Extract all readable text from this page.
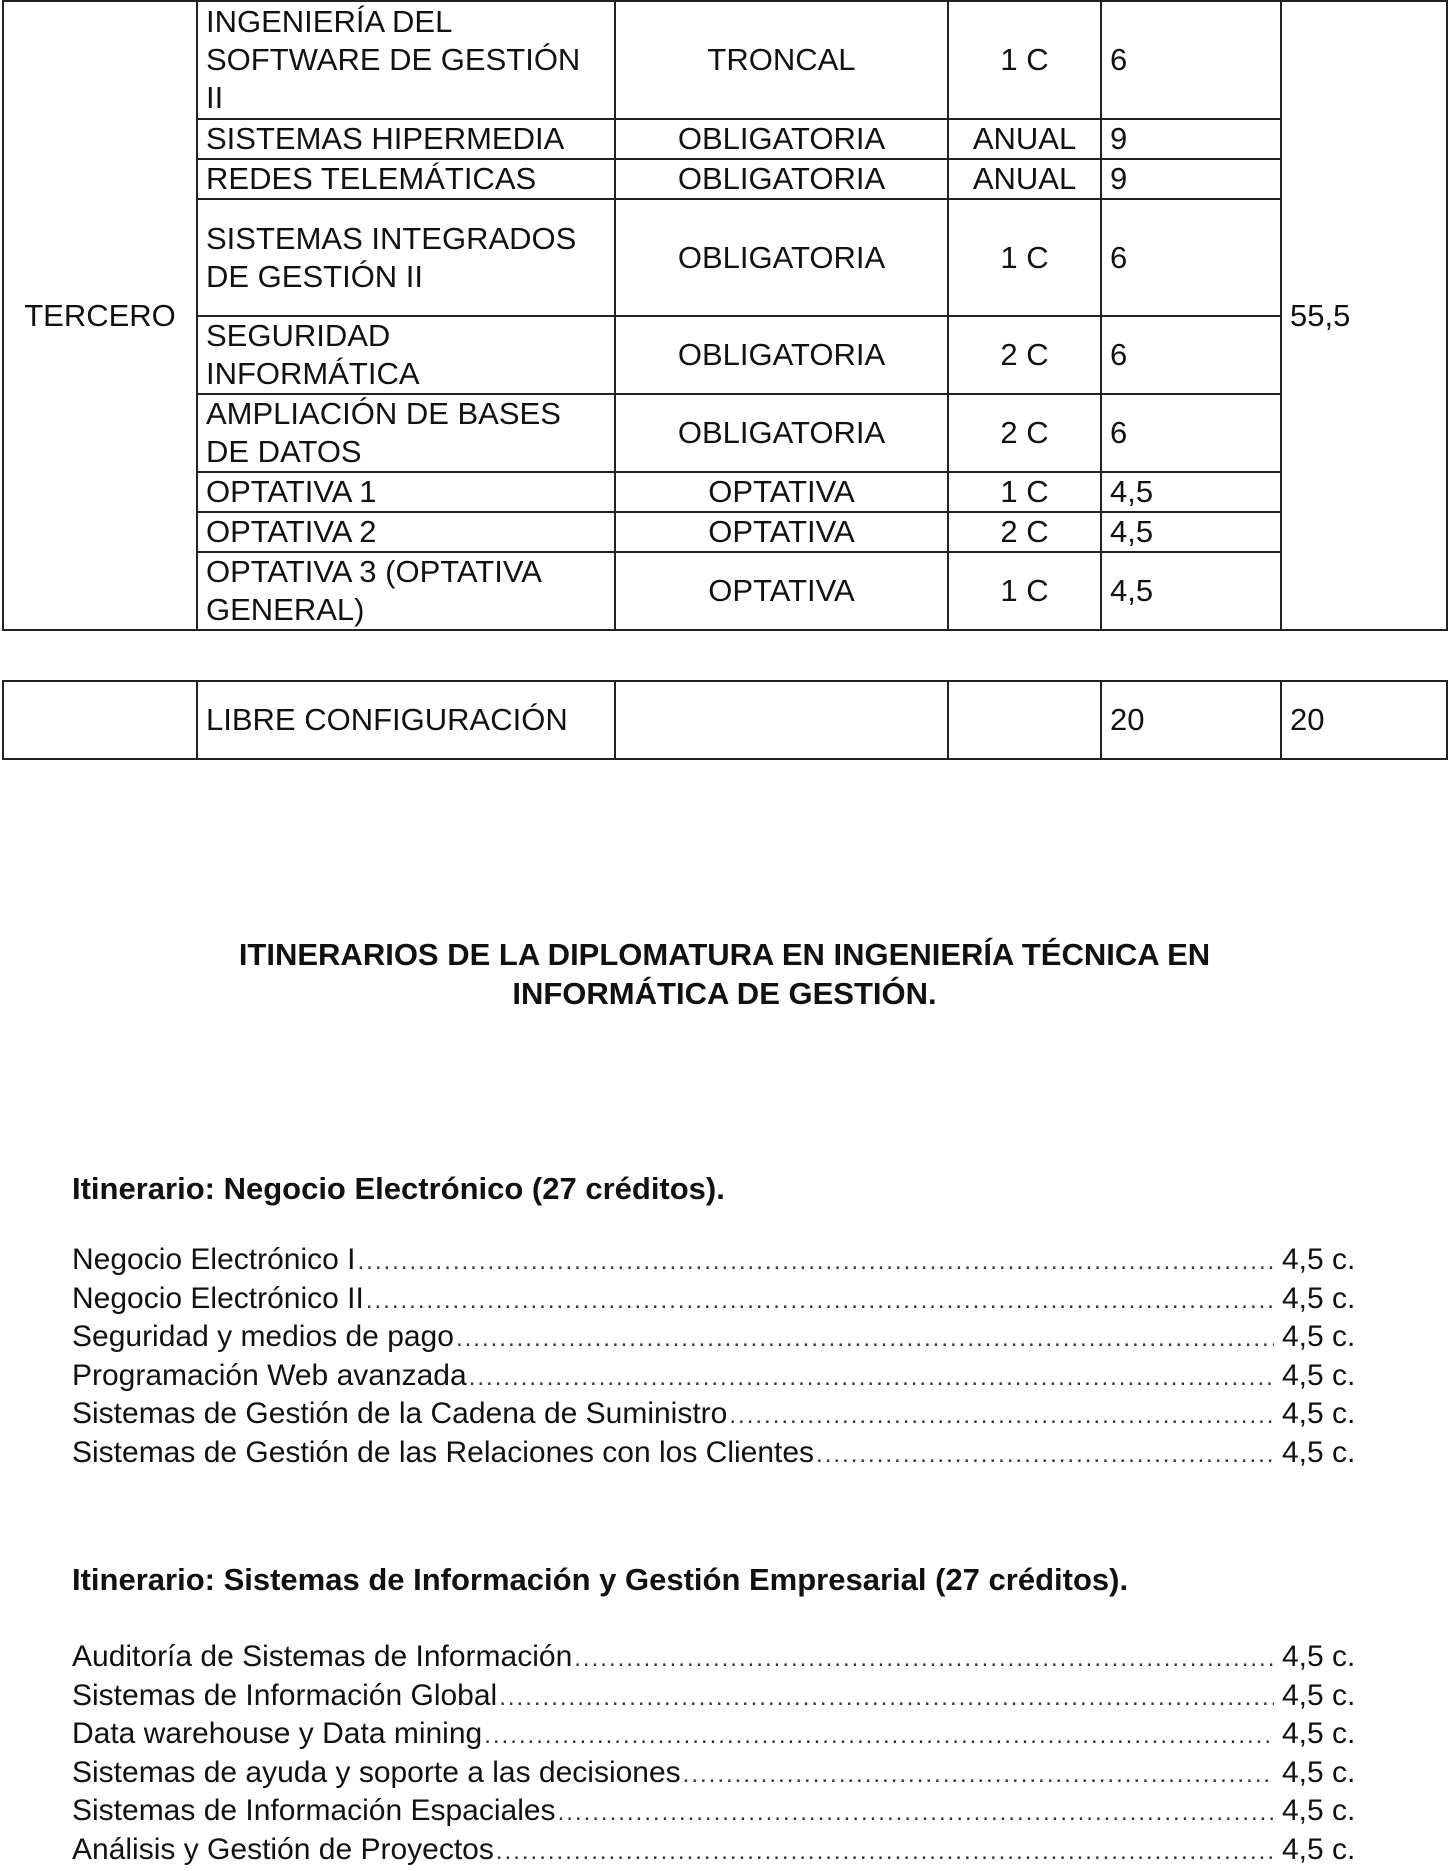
TERCERO	INGENIERÍA DEL SOFTWARE DE GESTIÓN II	TRONCAL	1 C	6	55,5
	SISTEMAS HIPERMEDIA	OBLIGATORIA	ANUAL	9	
	REDES TELEMÁTICAS	OBLIGATORIA	ANUAL	9	
	SISTEMAS INTEGRADOS DE GESTIÓN II	OBLIGATORIA	1 C	6	
	SEGURIDAD INFORMÁTICA	OBLIGATORIA	2 C	6	
	AMPLIACIÓN DE BASES DE DATOS	OBLIGATORIA	2 C	6	
	OPTATIVA 1	OPTATIVA	1 C	4,5	
	OPTATIVA 2	OPTATIVA	2 C	4,5	
	OPTATIVA 3 (OPTATIVA GENERAL)	OPTATIVA	1 C	4,5	
	LIBRE CONFIGURACIÓN			20	20
ITINERARIOS DE LA DIPLOMATURA EN INGENIERÍA TÉCNICA EN
INFORMÁTICA DE GESTIÓN.
Itinerario: Negocio Electrónico (27 créditos).
Negocio Electrónico I .....	4,5 c.
Negocio Electrónico II .....	4,5 c.
Seguridad y medios de pago .....	4,5 c.
Programación Web avanzada .....	4,5 c.
Sistemas de Gestión de la Cadena de Suministro .....	4,5 c.
Sistemas de Gestión de las Relaciones con los Clientes .....	4,5 c.
Itinerario: Sistemas de Información y Gestión Empresarial (27 créditos).
Auditoría de Sistemas de Información .....	4,5 c.
Sistemas de Información Global .....	4,5 c.
Data warehouse y Data mining .....	4,5 c.
Sistemas de ayuda y soporte a las decisiones .....	4,5 c.
Sistemas de Información Espaciales .....	4,5 c.
Análisis y Gestión de Proyectos .....	4,5 c.
